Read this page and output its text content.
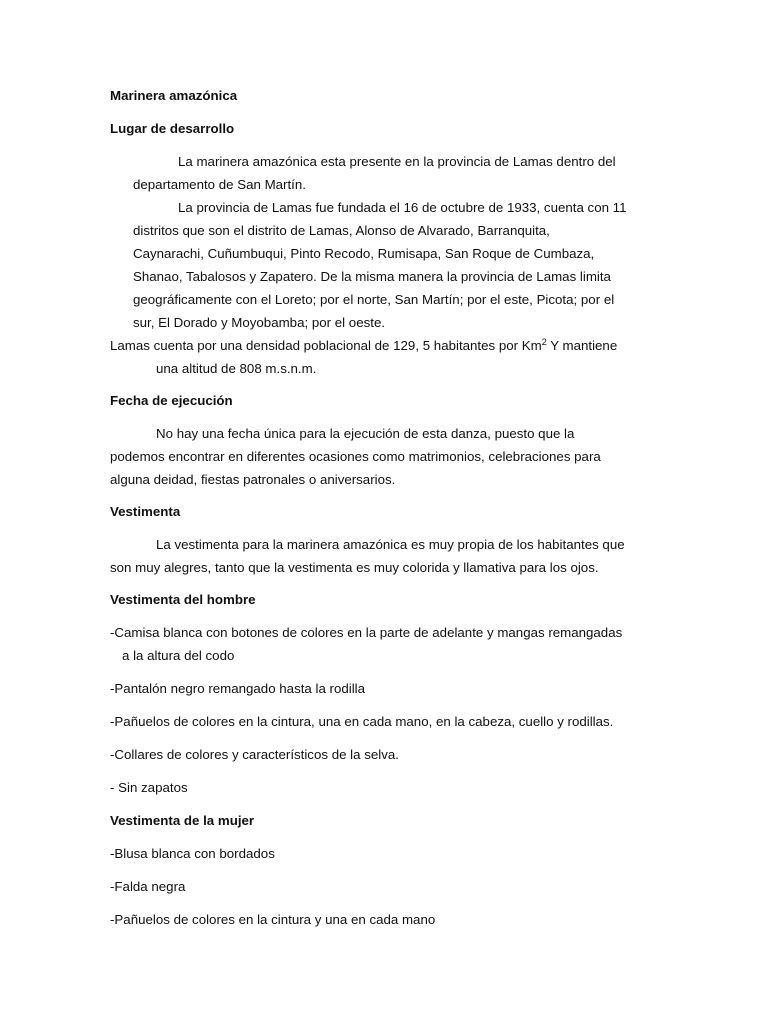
Marinera amazónica

Lugar de desarrollo

La marinera amazónica esta presente en la provincia de Lamas dentro del

departamento de San Martín.

La provincia de Lamas fue fundada el 16 de octubre de 1933, cuenta con 11

distritos que son el distrito de Lamas, Alonso de Alvarado, Barranquita,

Caynarachi, Cuñumbuqui, Pinto Recodo, Rumisapa, San Roque de Cumbaza,

Shanao, Tabalosos y Zapatero. De la misma manera la provincia de Lamas limita

geográficamente con el Loreto; por el norte, San Martín; por el este, Picota; por el

sur, El Dorado y Moyobamba; por el oeste.

Lamas cuenta por una densidad poblacional de 129, 5 habitantes por Km$^2$ Y mantiene

una altitud de 808 m.s.n.m.

Fecha de ejecución

No hay una fecha única para la ejecución de esta danza, puesto que la

podemos encontrar en diferentes ocasiones como matrimonios, celebraciones para

alguna deidad, fiestas patronales o aniversarios.

Vestimenta

La vestimenta para la marinera amazónica es muy propia de los habitantes que

son muy alegres, tanto que la vestimenta es muy colorida y llamativa para los ojos.

Vestimenta del hombre

-Camisa blanca con botones de colores en la parte de adelante y mangas remangadas
a la altura del codo

-Pantalón negro remangado hasta la rodilla

-Pañuelos de colores en la cintura, una en cada mano, en la cabeza, cuello y rodillas.

-Collares de colores y característicos de la selva.

- Sin zapatos

Vestimenta de la mujer

-Blusa blanca con bordados

-Falda negra

-Pañuelos de colores en la cintura y una en cada mano
